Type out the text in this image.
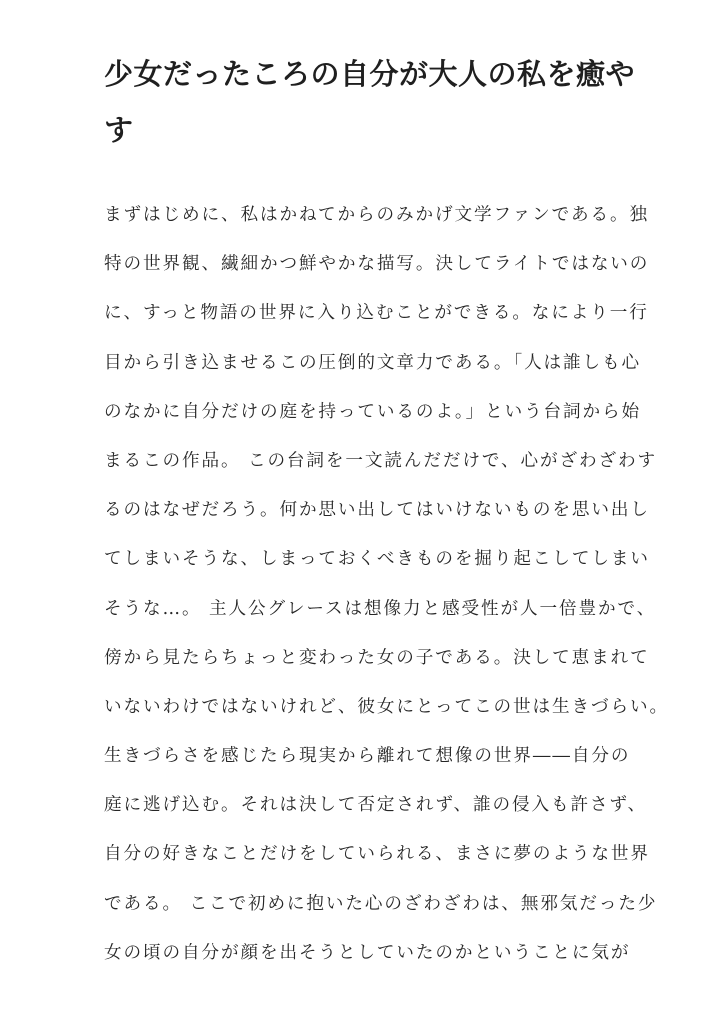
少女だったころの自分が大人の私を癒や
す
まずはじめに、私はかねてからのみかげ文学ファンである。独
特の世界観、繊細かつ鮮やかな描写。決してライトではないの
に、すっと物語の世界に入り込むことができる。なにより一行
目から引き込ませるこの圧倒的文章力である。「人は誰しも心
のなかに自分だけの庭を持っているのよ。」という台詞から始
まるこの作品。 この台詞を一文読んだだけで、心がざわざわす
るのはなぜだろう。何か思い出してはいけないものを思い出し
てしまいそうな、しまっておくべきものを掘り起こしてしまい
そうな…。 主人公グレースは想像力と感受性が人一倍豊かで、
傍から見たらちょっと変わった女の子である。決して恵まれて
いないわけではないけれど、彼女にとってこの世は生きづらい。
生きづらさを感じたら現実から離れて想像の世界――自分の
庭に逃げ込む。それは決して否定されず、誰の侵入も許さず、
自分の好きなことだけをしていられる、まさに夢のような世界
である。 ここで初めに抱いた心のざわざわは、無邪気だった少
女の頃の自分が顔を出そうとしていたのかということに気が
